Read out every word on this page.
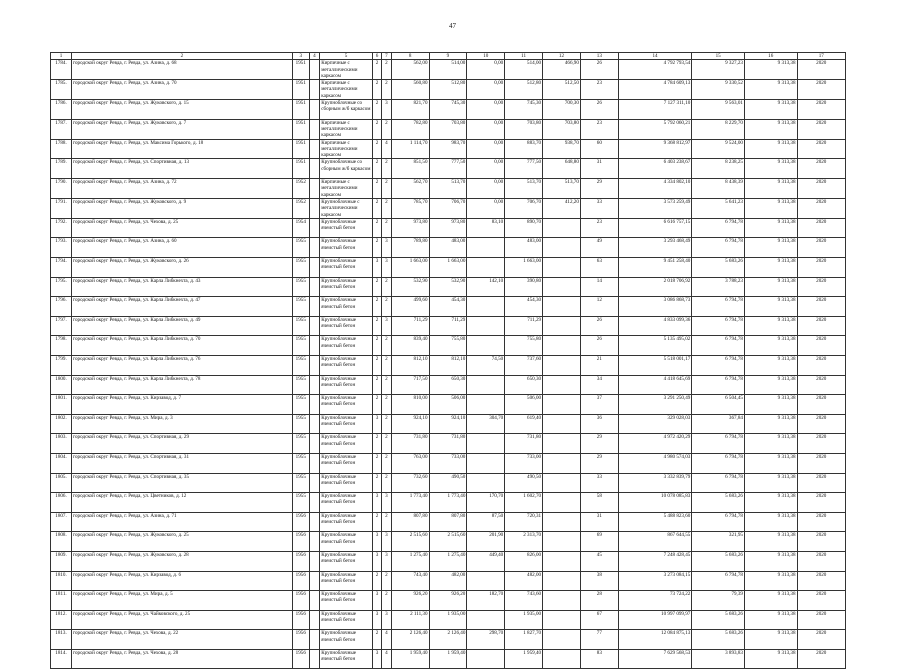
47
1	2	3	4	5	6	7	8	9	10	11	12	13	14	15	16	17
1784.	городской округ Ревда, г. Ревда, ул. Азина, д. 68	1951		Кирпичные с металлическими каркасом	2	2	562,00	514,00	0,00	514,00	466,90	26	4 792 793,54	9 327,23	9 313,38	2020
1785.	городской округ Ревда, г. Ревда, ул. Азина, д. 70	1951		Кирпичные с металлическими каркасом	2	2	560,80	512,80	0,00	512,80	512,50	23	4 784 609,13	9 330,52	9 313,38	2020
1786.	городской округ Ревда, г. Ревда, ул. Жуковского, д. 15	1951		Крупноблочные со сборным ж/б каркасом	2	3	821,70	745,30	0,00	745,30	700,30	26	7 127 311,10	9 563,01	9 313,38	2020
1787.	городской округ Ревда, г. Ревда, ул. Жуковского, д. 7	1951		Кирпичные с металлическими каркасом	2	2	782,80	703,80	0,00	703,80	703,80	23	5 792 060,21	8 229,70	9 313,38	2020
1788.	городской округ Ревда, г. Ревда, ул. Максима Горького, д. 18	1951		Кирпичные с металлическими каркасом	2	4	1 114,70	983,70	0,00	883,70	938,70	60	9 368 812,97	9 524,00	9 313,38	2020
1789.	городской округ Ревда, г. Ревда, ул. Спортивная, д. 13	1951		Крупноблочные со сборным ж/б каркасом	2	2	851,50	777,50	0,00	777,50	648,80	31	6 403 238,67	8 238,25	9 313,38	2020
1790.	городской округ Ревда, г. Ревда, ул. Азина, д. 72	1952		Кирпичные с металлическими каркасом	2	2	562,70	513,70	0,00	513,70	513,70	29	4 334 802,10	8 438,39	9 313,38	2020
1791.	городской округ Ревда, г. Ревда, ул. Жуковского, д. 9	1952		Крупноблочные с металлическими каркасом	2	2	785,70	706,70	0,00	706,70	412,20	33	3 573 259,49	5 641,23	9 313,38	2020
1792.	городской округ Ревда, г. Ревда, ул. Чехова, д. 25	1954		Крупноблочные ячеистый бетон	2	2	973,80	973,80	83,10	890,70		23	6 616 757,15	6 794,78	9 313,38	2020
1793.	городской округ Ревда, г. Ревда, ул. Азина, д. 60	1955		Крупноблочные ячеистый бетон	2	3	789,80	483,00		483,00		49	3 293 468,49	6 794,78	9 313,38	2020
1794.	городской округ Ревда, г. Ревда, ул. Жуковского, д. 26	1955		Крупноблочные ячеистый бетон	3	3	1 663,00	1 663,00		1 663,00		63	9 451 258,40	5 683,26	9 313,38	2020
1795.	городской округ Ревда, г. Ревда, ул. Карла Либкнехта, д. 43	1955		Крупноблочные ячеистый бетон	2	2	532,90	532,90	142,10	390,80		14	2 018 706,92	3 788,23	9 313,38	2020
1796.	городской округ Ревда, г. Ревда, ул. Карла Либкнехта, д. 47	1955		Крупноблочные ячеистый бетон	2	2	499,60	454,30		454,30		12	3 086 868,73	6 794,78	9 313,38	2020
1797.	городской округ Ревда, г. Ревда, ул. Карла Либкнехта, д. 49	1955		Крупноблочные ячеистый бетон	2	3	711,29	711,29		711,29		26	4 833 099,36	6 794,78	9 313,38	2020
1798.	городской округ Ревда, г. Ревда, ул. Карла Либкнехта, д. 70	1955		Крупноблочные ячеистый бетон	2	2	839,40	755,80		755,80		26	5 135 495,02	6 794,78	9 313,38	2020
1799.	городской округ Ревда, г. Ревда, ул. Карла Либкнехта, д. 76	1955		Крупноблочные ячеистый бетон	2	2	812,10	812,10	74,50	737,60		21	5 518 001,17	6 794,78	9 313,38	2020
1800.	городской округ Ревда, г. Ревда, ул. Карла Либкнехта, д. 78	1955		Крупноблочные ячеистый бетон	2	2	717,50	650,30		650,30		34	4 418 645,69	6 794,78	9 313,38	2020
1801.	городской округ Ревда, г. Ревда, ул. Кирзавод, д. 7	1955		Крупноблочные ячеистый бетон	2	2	810,00	506,00		506,00		37	3 291 250,49	6 504,45	9 313,38	2020
1802.	городской округ Ревда, г. Ревда, ул. Мира, д. 3	1955		Крупноблочные ячеистый бетон	3	2	924,10	924,10	304,70	619,40		36	329 028,03	367,84	9 313,38	2020
1803.	городской округ Ревда, г. Ревда, ул. Спортивная, д. 29	1955		Крупноблочные ячеистый бетон	2	2	731,80	731,80		731,80		29	4 972 420,29	6 794,78	9 313,38	2020
1804.	городской округ Ревда, г. Ревда, ул. Спортивная, д. 31	1955		Крупноблочные ячеистый бетон	2	2	763,00	733,00		733,00		29	4 980 574,03	6 794,78	9 313,38	2020
1805.	городской округ Ревда, г. Ревда, ул. Спортивная, д. 35	1955		Крупноблочные ячеистый бетон	2	2	732,60	490,50		490,50		33	3 332 839,79	6 794,78	9 313,38	2020
1806.	городской округ Ревда, г. Ревда, ул. Цветников, д. 12	1955		Крупноблочные ячеистый бетон	3	3	1 773,40	1 773,40	170,70	1 602,70		58	10 078 085,83	5 683,26	9 313,38	2020
1807.	городской округ Ревда, г. Ревда, ул. Азина, д. 71	1956		Крупноблочные ячеистый бетон	2	2	807,80	807,80	87,50	720,31		31	5 488 823,60	6 794,78	9 313,38	2020
1808.	городской округ Ревда, г. Ревда, ул. Жуковского, д. 25	1956		Крупноблочные ячеистый бетон	3	3	2 515,60	2 515,60	201,90	2 313,70		69	867 644,55	321,95	9 313,38	2020
1809.	городской округ Ревда, г. Ревда, ул. Жуковского, д. 28	1956		Крупноблочные ячеистый бетон	3	3	1 275,40	1 275,40	449,40	826,00		45	7 248 428,45	5 683,26	9 313,38	2020
1810.	городской округ Ревда, г. Ревда, ул. Кирзавод, д. 6	1956		Крупноблочные ячеистый бетон	2	2	743,40	482,00		482,00		38	3 273 084,15	6 794,78	9 313,38	2020
1811.	городской округ Ревда, г. Ревда, ул. Мира, д. 5	1956		Крупноблочные ячеистый бетон	3	2	926,20	926,20	182,70	743,60		28	73 724,22	79,39	9 313,38	2020
1812.	городской округ Ревда, г. Ревда, ул. Чайковского, д. 25	1956		Крупноблочные ячеистый бетон	3	3	2 111,30	1 935,00		1 935,00		67	10 997 099,97	5 683,26	9 313,38	2020
1813.	городской округ Ревда, г. Ревда, ул. Чехова, д. 22	1956		Крупноблочные ячеистый бетон	2	4	2 126,40	2 126,40	298,70	1 827,70		77	12 084 875,13	5 683,26	9 313,38	2020
1814.	городской округ Ревда, г. Ревда, ул. Чехова, д. 28	1956		Крупноблочные ячеистый бетон	3	4	1 959,40	1 959,40		1 959,40		83	7 629 568,53	3 893,83	9 313,38	2020
